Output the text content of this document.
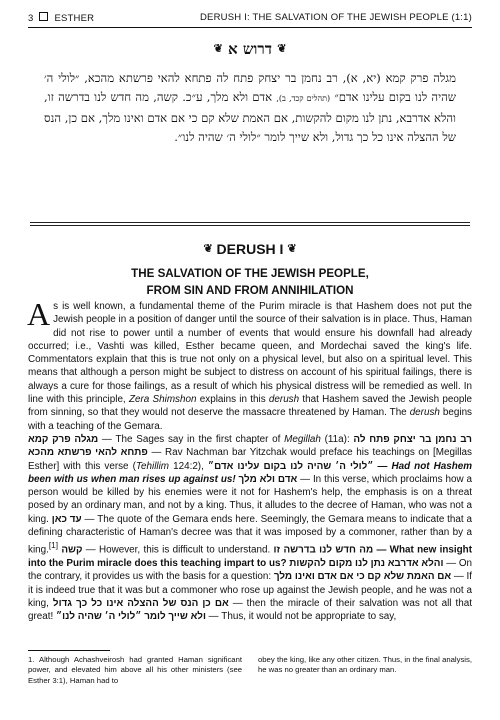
3 ESTHER	DERUSH I: THE SALVATION OF THE JEWISH PEOPLE (1:1)
❦ דרוש א ❦
מגלה פרק קמא (יא, א), רב נחמן בר יצחק פתח לה פתחא להאי פרשתא מהכא, ״לולי ה׳ שהיה לנו בקום עלינו אדם״ (תהלים קכד, ב), אדם ולא מלך, ע״כ. קשה, מה חדש לנו בדרשה זו, והלא אדרבא, נתן לנו מקום להקשות, אם האמת שלא קם כי אם אדם ואינו מלך, אם כן, הנס של ההצלה אינו כל כך גדול, ולא שייך לומר ״לולי ה׳ שהיה לנו״.
❦ DERUSH I ❦
THE SALVATION OF THE JEWISH PEOPLE,
FROM SIN AND FROM ANNIHILATION

As is well known, a fundamental theme of the Purim miracle is that Hashem does not put the Jewish people in a position of danger until the source of their salvation is in place. Thus, Haman did not rise to power until a number of events that would ensure his downfall had already occurred; i.e., Vashti was killed, Esther became queen, and Mordechai saved the king's life. Commentators explain that this is true not only on a physical level, but also on a spiritual level. This means that although a person might be subject to distress on account of his spiritual failings, there is always a cure for those failings, as a result of which his physical distress will be remedied as well. In line with this principle, Zera Shimshon explains in this derush that Hashem saved the Jewish people from sinning, so that they would not deserve the massacre threatened by Haman. The derush begins with a teaching of the Gemara.

מגלה פרק קמא — The Sages say in the first chapter of Megillah (11a): רב נחמן בר יצחק פתח לה פתחא להאי פרשתא מהכא — Rav Nachman bar Yitzchak would preface his teachings on [Megillas Esther] with this verse (Tehillim 124:2), ״לולי ה׳ שהיה לנו בקום עלינו אדם״ — Had not Hashem been with us when man rises up against us! אדם ולא מלך — In this verse, which proclaims how a person would be killed by his enemies were it not for Hashem's help, the emphasis is on a threat posed by an ordinary man, and not by a king. Thus, it alludes to the decree of Haman, who was not a king. עד כאן — The quote of the Gemara ends here. Seemingly, the Gemara means to indicate that a defining characteristic of Haman's decree was that it was imposed by a commoner, rather than by a king.[1] קשה — However, this is difficult to understand. מה חדש לנו בדרשה זו — What new insight into the Purim miracle does this teaching impart to us? והלא אדרבא נתן לנו מקום להקשות — On the contrary, it provides us with the basis for a question: אם האמת שלא קם כי אם אדם ואינו מלך — If it is indeed true that it was but a commoner who rose up against the Jewish people, and he was not a king, אם כן הנס של ההצלה אינו כל כך גדול — then the miracle of their salvation was not all that great! ולא שייך לומר ״לולי ה׳ שהיה לנו״ — Thus, it would not be appropriate to say,

1. Although Achashveirosh had granted Haman significant power, and elevated him above all his other ministers (see Esther 3:1), Haman had to
obey the king, like any other citizen. Thus, in the final analysis, he was no greater than an ordinary man.
